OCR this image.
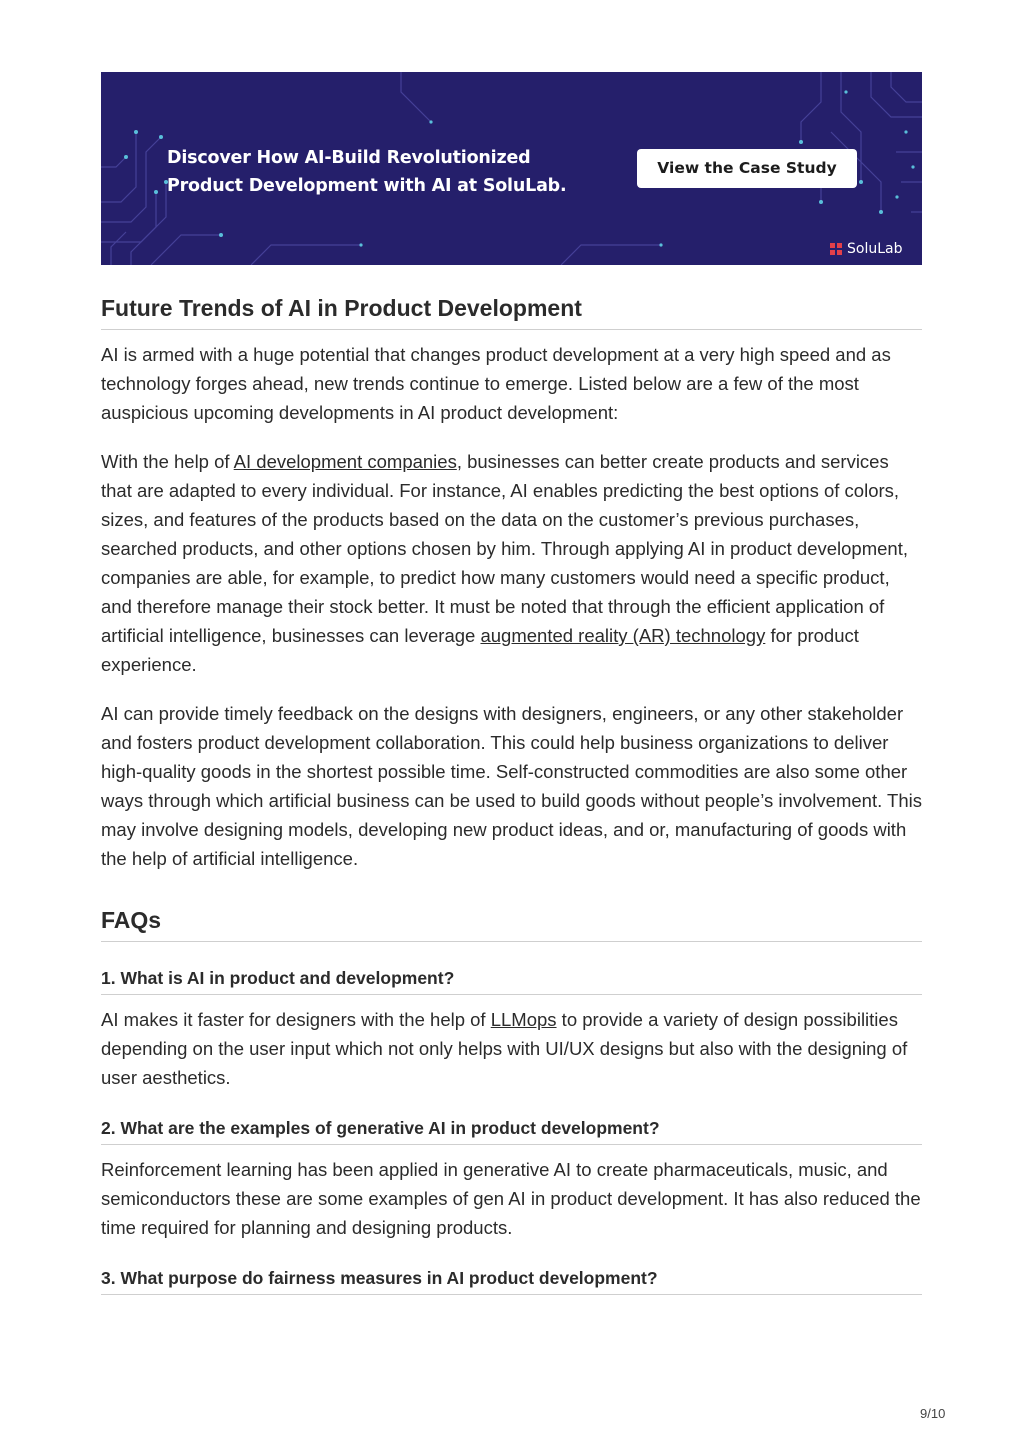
Discover How AI-Build Revolutionized
Product Development with AI at SoluLab.
View the Case Study
SoluLab
Future Trends of AI in Product Development

AI is armed with a huge potential that changes product development at a very high speed and as technology forges ahead, new trends continue to emerge. Listed below are a few of the most auspicious upcoming developments in AI product development:

With the help of AI development companies, businesses can better create products and services that are adapted to every individual. For instance, AI enables predicting the best options of colors, sizes, and features of the products based on the data on the customer’s previous purchases, searched products, and other options chosen by him. Through applying AI in product development, companies are able, for example, to predict how many customers would need a specific product, and therefore manage their stock better. It must be noted that through the efficient application of artificial intelligence, businesses can leverage augmented reality (AR) technology for product experience.

AI can provide timely feedback on the designs with designers, engineers, or any other stakeholder and fosters product development collaboration. This could help business organizations to deliver high-quality goods in the shortest possible time. Self-constructed commodities are also some other ways through which artificial business can be used to build goods without people’s involvement. This may involve designing models, developing new product ideas, and or, manufacturing of goods with the help of artificial intelligence.

FAQs
1. What is AI in product and development?

AI makes it faster for designers with the help of LLMops to provide a variety of design possibilities depending on the user input which not only helps with UI/UX designs but also with the designing of user aesthetics.

2. What are the examples of generative AI in product development?

Reinforcement learning has been applied in generative AI to create pharmaceuticals, music, and semiconductors these are some examples of gen AI in product development. It has also reduced the time required for planning and designing products.

3. What purpose do fairness measures in AI product development?
9/10
